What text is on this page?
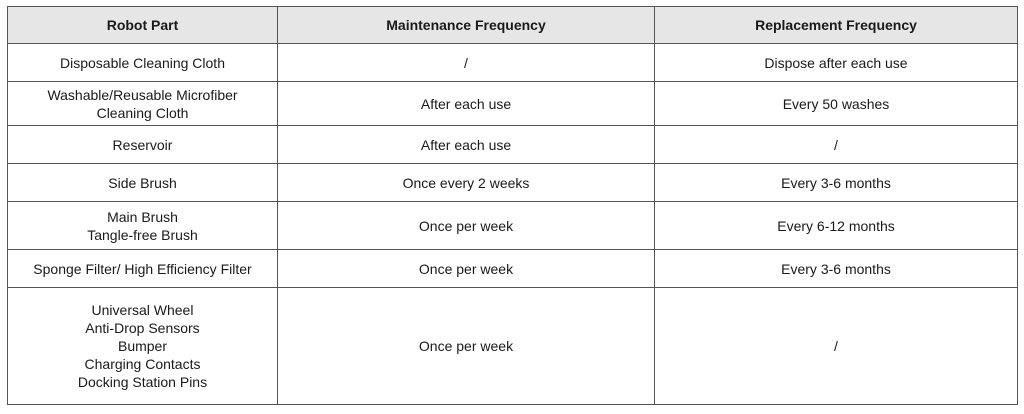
Robot Part	Maintenance Frequency	Replacement Frequency

Disposable Cleaning Cloth	/	Dispose after each use

Washable/Reusable Microfiber
Cleaning Cloth	After each use	Every 50 washes

Reservoir	After each use	/

Side Brush	Once every 2 weeks	Every 3-6 months

Main Brush
Tangle-free Brush	Once per week	Every 6-12 months

Sponge Filter/ High Efficiency Filter	Once per week	Every 3-6 months

Universal Wheel
Anti-Drop Sensors
Bumper
Charging Contacts
Docking Station Pins	Once per week	/
